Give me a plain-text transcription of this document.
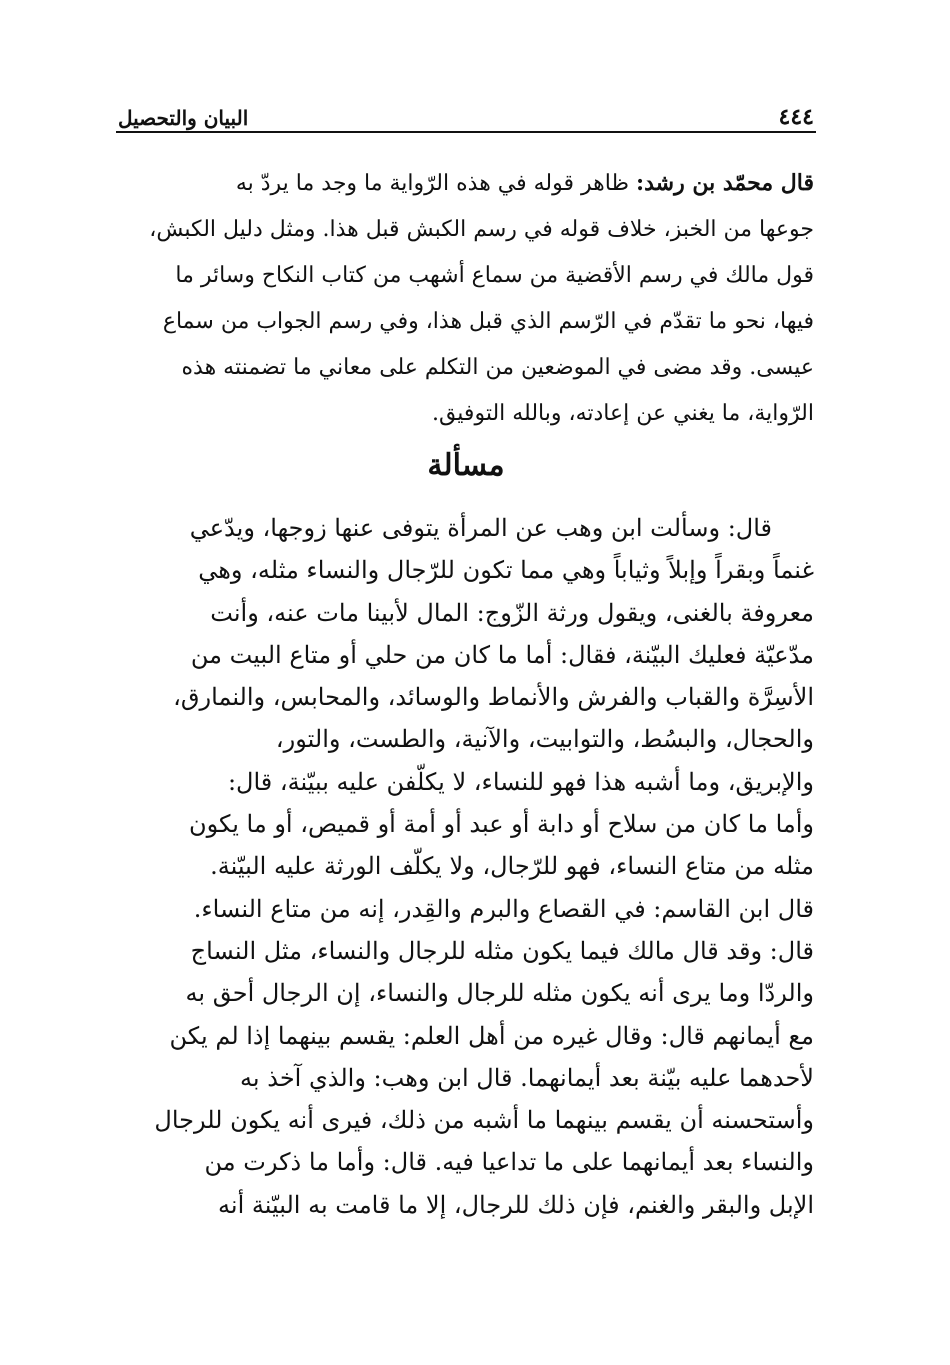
٤٤٤
البيان والتحصيل
قال محمّد بن رشد: ظاهر قوله في هذه الرّواية ما وجد ما يردّ به
جوعها من الخبز، خلاف قوله في رسم الكبش قبل هذا. ومثل دليل الكبش،
قول مالك في رسم الأقضية من سماع أشهب من كتاب النكاح وسائر ما
فيها، نحو ما تقدّم في الرّسم الذي قبل هذا، وفي رسم الجواب من سماع
عيسى. وقد مضى في الموضعين من التكلم على معاني ما تضمنته هذه
الرّواية، ما يغني عن إعادته، وبالله التوفيق.
مسألة
قال: وسألت ابن وهب عن المرأة يتوفى عنها زوجها، ويدّعي
غنماً وبقراً وإبلاً وثياباً وهي مما تكون للرّجال والنساء مثله، وهي
معروفة بالغنى، ويقول ورثة الزّوج: المال لأبينا مات عنه، وأنت
مدّعيّة فعليك البيّنة، فقال: أما ما كان من حلي أو متاع البيت من
الأسِرَّة والقباب والفرش والأنماط والوسائد، والمحابس، والنمارق،
والحجال، والبسُط، والتوابيت، والآنية، والطست، والتور،
والإبريق، وما أشبه هذا فهو للنساء، لا يكلّفن عليه ببيّنة، قال:
وأما ما كان من سلاح أو دابة أو عبد أو أمة أو قميص، أو ما يكون
مثله من متاع النساء، فهو للرّجال، ولا يكلّف الورثة عليه البيّنة.
قال ابن القاسم: في القصاع والبرم والقِدر، إنه من متاع النساء.
قال: وقد قال مالك فيما يكون مثله للرجال والنساء، مثل النساج
والردّا وما يرى أنه يكون مثله للرجال والنساء، إن الرجال أحق به
مع أيمانهم قال: وقال غيره من أهل العلم: يقسم بينهما إذا لم يكن
لأحدهما عليه بيّنة بعد أيمانهما. قال ابن وهب: والذي آخذ به
وأستحسنه أن يقسم بينهما ما أشبه من ذلك، فيرى أنه يكون للرجال
والنساء بعد أيمانهما على ما تداعيا فيه. قال: وأما ما ذكرت من
الإبل والبقر والغنم، فإن ذلك للرجال، إلا ما قامت به البيّنة أنه
